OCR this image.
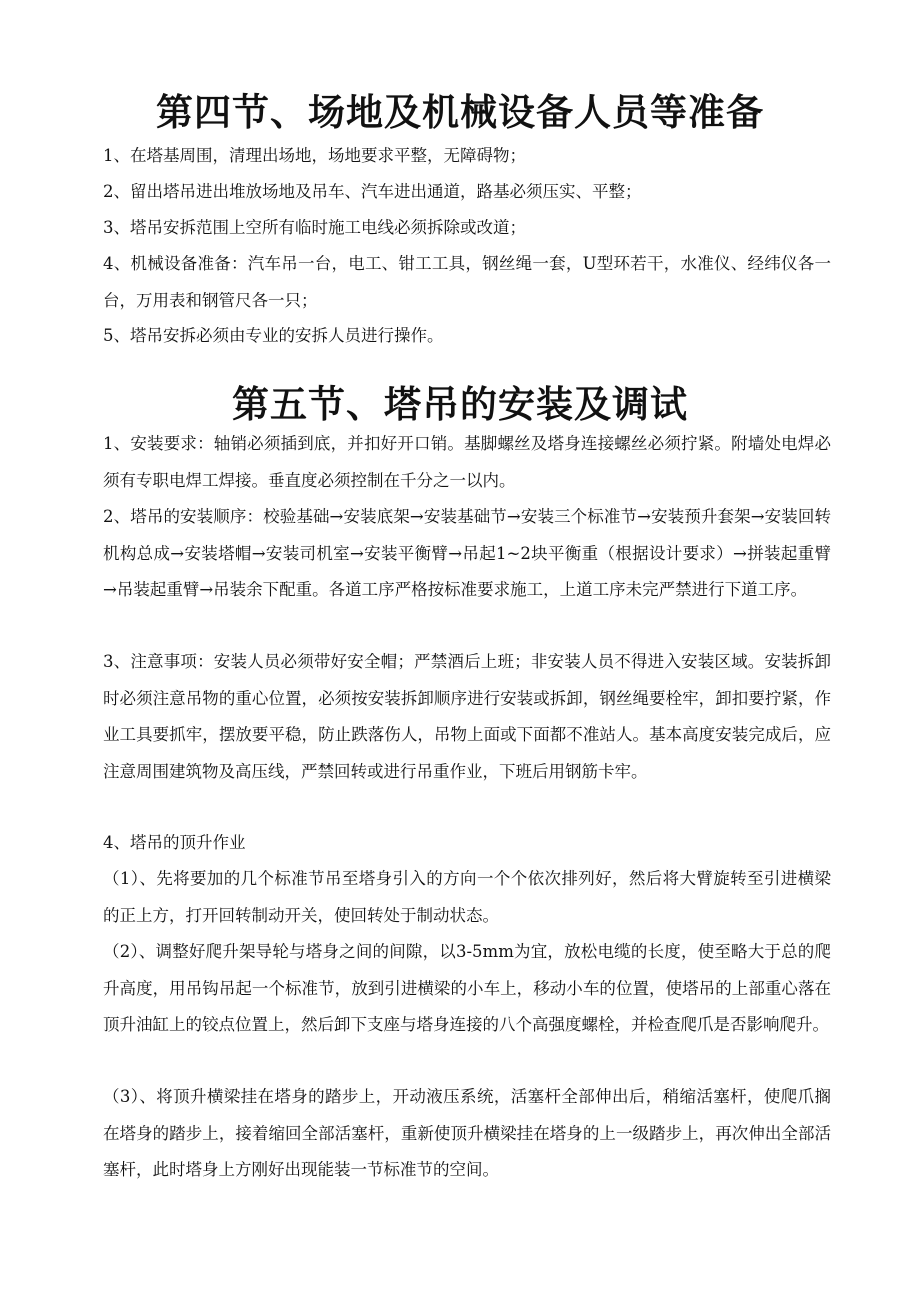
第四节、场地及机械设备人员等准备

1、在塔基周围，清理出场地，场地要求平整，无障碍物；

2、留出塔吊进出堆放场地及吊车、汽车进出通道，路基必须压实、平整；

3、塔吊安拆范围上空所有临时施工电线必须拆除或改道；

4、机械设备准备：汽车吊一台，电工、钳工工具，钢丝绳一套，U型环若干，水准仪、经纬仪各一台，万用表和钢管尺各一只；

5、塔吊安拆必须由专业的安拆人员进行操作。

第五节、塔吊的安装及调试

1、安装要求：轴销必须插到底，并扣好开口销。基脚螺丝及塔身连接螺丝必须拧紧。附墙处电焊必须有专职电焊工焊接。垂直度必须控制在千分之一以内。

2、塔吊的安装顺序：校验基础→安装底架→安装基础节→安装三个标准节→安装预升套架→安装回转机构总成→安装塔帽→安装司机室→安装平衡臂→吊起1~2块平衡重（根据设计要求）→拼装起重臂→吊装起重臂→吊装余下配重。各道工序严格按标准要求施工，上道工序未完严禁进行下道工序。

3、注意事项：安装人员必须带好安全帽；严禁酒后上班；非安装人员不得进入安装区域。安装拆卸时必须注意吊物的重心位置，必须按安装拆卸顺序进行安装或拆卸，钢丝绳要栓牢，卸扣要拧紧，作业工具要抓牢，摆放要平稳，防止跌落伤人，吊物上面或下面都不准站人。基本高度安装完成后，应注意周围建筑物及高压线，严禁回转或进行吊重作业，下班后用钢筋卡牢。

4、塔吊的顶升作业

（1）、先将要加的几个标准节吊至塔身引入的方向一个个依次排列好，然后将大臂旋转至引进横梁的正上方，打开回转制动开关，使回转处于制动状态。

（2）、调整好爬升架导轮与塔身之间的间隙，以3-5mm为宜，放松电缆的长度，使至略大于总的爬升高度，用吊钩吊起一个标准节，放到引进横梁的小车上，移动小车的位置，使塔吊的上部重心落在顶升油缸上的铰点位置上，然后卸下支座与塔身连接的八个高强度螺栓，并检查爬爪是否影响爬升。

（3）、将顶升横梁挂在塔身的踏步上，开动液压系统，活塞杆全部伸出后，稍缩活塞杆，使爬爪搁在塔身的踏步上，接着缩回全部活塞杆，重新使顶升横梁挂在塔身的上一级踏步上，再次伸出全部活塞杆，此时塔身上方刚好出现能装一节标准节的空间。
